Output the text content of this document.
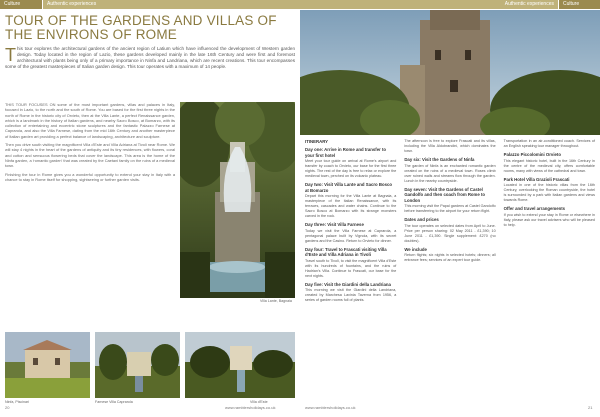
Culture	Authentic experiences	Authentic experiences	Culture
TOUR OF THE GARDENS AND VILLAS OF THE ENVIRONS OF ROME
T his tour explores the architectural gardens of the ancient region of Latium which have influenced the development of Western garden design. Today located in the region of Lazio, these gardens developed mainly in the late 16th Century and were first and foremost architectural with plants being only of a primary importance in Ninfa and Landriana, which are recent creations. This tour encompasses some of the greatest masterpieces of Italian garden design. This tour operates with a maximum of 14 people.

THIS TOUR FOCUSES ON some of the most important gardens, villas and palaces in Italy, focused in Lazio, to the north and the south of Rome. You are based for the first three nights in the north of Rome in the historic city of Orvieto, then at the Villa Lante, a perfect Renaissance garden, which is a landmark in the history of Italian gardens, and nearby Sacro Bosco, at Bomarzo, with its collection of entertaining and eccentric stone sculptures and the fantastic Palazzo Farnese at Caprarola, and also the Villa Farnese, dating from the mid 16th Century and another masterpiece of Italian garden art providing a perfect balance of landscaping, architecture and sculpture.

Then you drive south visiting the magnificent Villa d'Este and Villa Adriana at Tivoli near Rome. We will stay 4 nights in the heart of the gardens of antiquity and its tiny residences, with flowers, coral and cotton and sensuous flowering beds that cover the landscape. This area is the home of the Ninfa garden, a 'romantic garden' that was created by the Caetani family on the ruins of a medieval town.

Finishing the tour in Rome gives you a wonderful opportunity to extend your stay in Italy with a chance to stay in Rome itself for shopping, sightseeing or further garden visits.

Villa Lante, Bagnaia
Ninfa, Piscinari	Farnese Villa Caprarola	Villa d'Este
ITINERARY
Day one: Arrive in Rome and transfer to your first hotel

Meet your tour guide on arrival at Rome's airport and transfer by coach to Orvieto, our base for the first three nights. The rest of the day is free to relax or explore the medieval town, perched on its volcanic plateau.

Day two: Visit Villa Lante and Sacro Bosco at Bomarzo

Depart this morning for the Villa Lante at Bagnaia, a masterpiece of the Italian Renaissance, with its terraces, cascades and water chains. Continue to the Sacro Bosco at Bomarzo with its strange monsters carved in the rock.

Day three: Visit Villa Farnese

Today we visit the Villa Farnese at Caprarola, a pentagonal palace built by Vignola, with its secret gardens and the Casino. Return to Orvieto for dinner.

Day four: Travel to Frascati visiting Villa d'Este and Villa Adriana in Tivoli

Travel south to Tivoli, to visit the magnificent Villa d'Este with its hundreds of fountains, and the ruins of Hadrian's Villa. Continue to Frascati, our base for the next nights.

Day five: Visit the Giardini della Landriana

This morning we visit the Giardini della Landriana, created by Marchesa Lavinia Taverna from 1956, a series of garden rooms full of plants.

The afternoon is free to explore Frascati and its villas, including the Villa Aldobrandini, which dominates the town.

Day six: Visit the Gardens of Ninfa

The garden of Ninfa is an enchanted romantic garden created on the ruins of a medieval town. Roses climb over ruined walls and streams flow through the garden. Lunch in the nearby countryside.

Day seven: Visit the Gardens of Castel Gandolfo and then coach from Rome to London

This morning visit the Papal gardens at Castel Gandolfo before transferring to the airport for your return flight.

Dates and prices

The tour operates on selected dates from April to June. Price per person sharing: 02 May 2011 - £1,390; 10 June 2011 - £1,390. Single supplement: £270 (no doubles).

We include

Return flights; six nights in selected hotels; dinners; all entrance fees; services of an expert tour guide.

Transportation in an air-conditioned coach. Services of an English speaking tour manager throughout.

Palazzo Piccolomini Orvieto

This elegant historic hotel, built in the 16th Century in the centre of the medieval city, offers comfortable rooms, many with views of the cathedral and town.

Park Hotel Villa Grazioli Frascati

Located in one of the historic villas from the 16th Century, overlooking the Roman countryside, the hotel is surrounded by a park with Italian gardens and views towards Rome.

Offer and travel arrangements

If you wish to extend your stay in Rome or elsewhere in Italy, please ask our travel advisers who will be pleased to help.

20	www.ramblersholidays.co.uk	www.ramblersholidays.co.uk	21
